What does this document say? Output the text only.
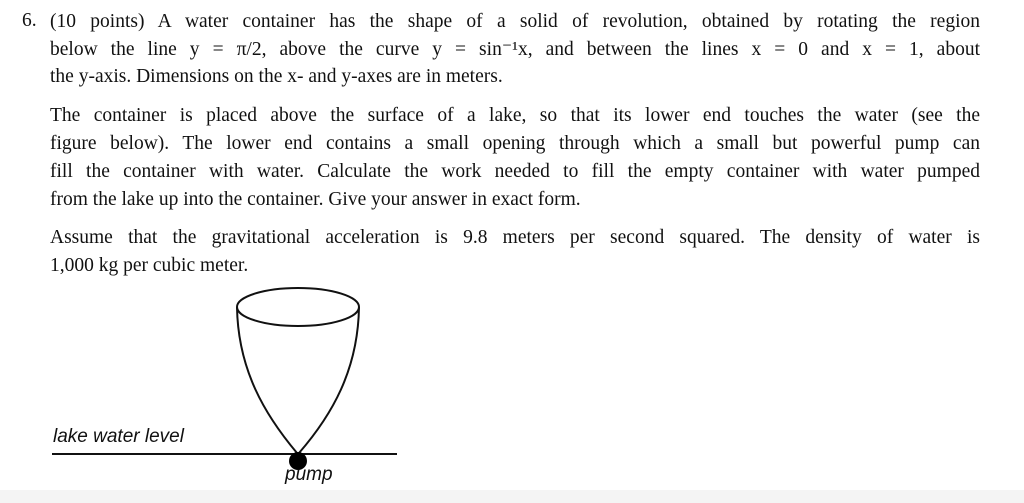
6. (10 points) A water container has the shape of a solid of revolution, obtained by rotating the region
below the line y = π/2, above the curve y = sin⁻¹x, and between the lines x = 0 and x = 1, about
the y-axis. Dimensions on the x- and y-axes are in meters.
The container is placed above the surface of a lake, so that its lower end touches the water (see the
figure below). The lower end contains a small opening through which a small but powerful pump can
fill the container with water. Calculate the work needed to fill the empty container with water pumped
from the lake up into the container. Give your answer in exact form.
Assume that the gravitational acceleration is 9.8 meters per second squared. The density of water is
1,000 kg per cubic meter.
lake water level
pump
